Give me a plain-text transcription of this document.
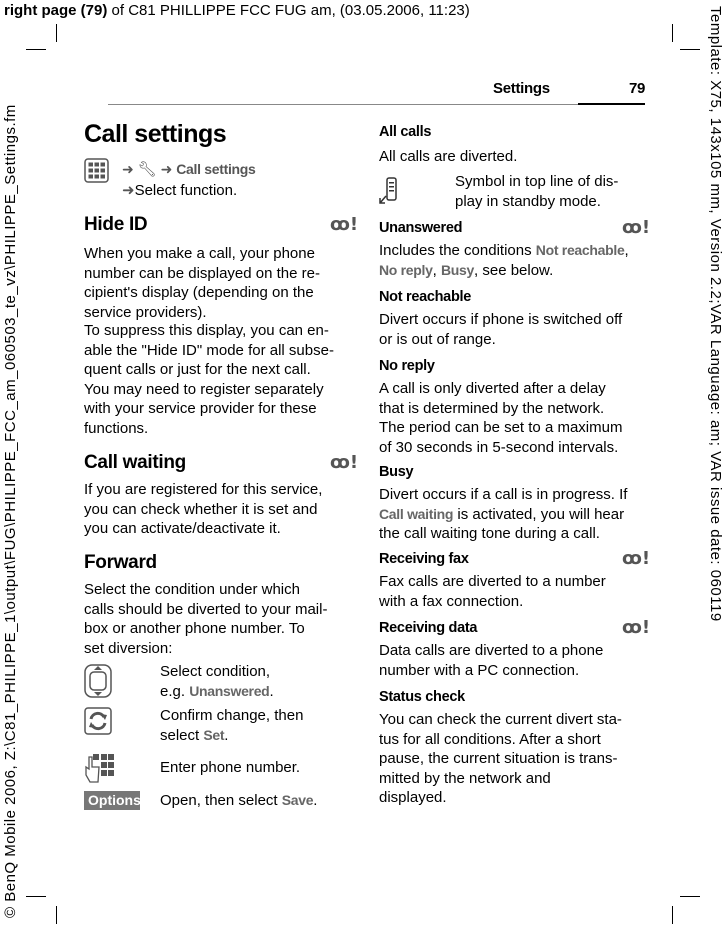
right page (79) of C81 PHILLIPPE FCC FUG am, (03.05.2006, 11:23)
© BenQ Mobile 2006, Z:\C81_PHILIPPE_1\output\FUG\PHILIPPE_FCC_am_060503_te_vz\PHILIPPE_Settings.fm	Template: X75, 143x105 mm, Version 2.2;VAR Language: am; VAR issue date: 060119
Settings	79
Call settings
➜ 🔧︎ ➜ Call settings
➜Select function.
Hide ID	ꝏ!
When you make a call, your phone
number can be displayed on the re-
cipient's display (depending on the
service providers).
To suppress this display, you can en-
able the "Hide ID" mode for all subse-
quent calls or just for the next call.
You may need to register separately
with your service provider for these
functions.
Call waiting	ꝏ!
If you are registered for this service,
you can check whether it is set and
you can activate/deactivate it.
Forward
Select the condition under which
calls should be diverted to your mail-
box or another phone number. To
set diversion:
Select condition,
e.g. Unanswered.
Confirm change, then
select Set.
Enter phone number.
Options Open, then select Save.
All calls
All calls are diverted.
Symbol in top line of dis-
play in standby mode.
Unanswered	ꝏ!
Includes the conditions Not reachable,
No reply, Busy, see below.
Not reachable
Divert occurs if phone is switched off
or is out of range.
No reply
A call is only diverted after a delay
that is determined by the network.
The period can be set to a maximum
of 30 seconds in 5-second intervals.
Busy
Divert occurs if a call is in progress. If
Call waiting is activated, you will hear
the call waiting tone during a call.
Receiving fax	ꝏ!
Fax calls are diverted to a number
with a fax connection.
Receiving data	ꝏ!
Data calls are diverted to a phone
number with a PC connection.
Status check
You can check the current divert sta-
tus for all conditions. After a short
pause, the current situation is trans-
mitted by the network and
displayed.
